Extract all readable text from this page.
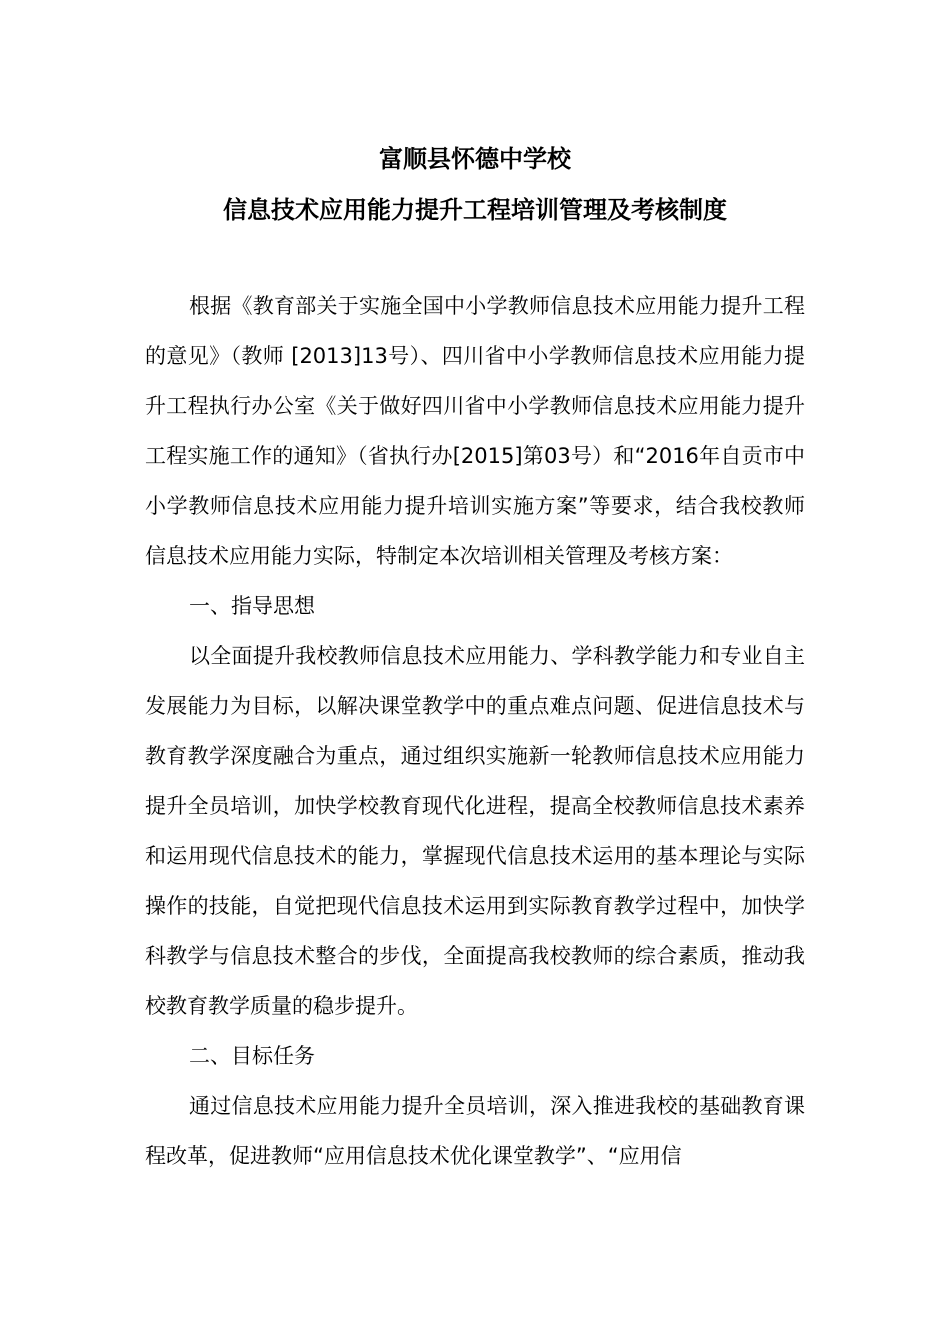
富顺县怀德中学校
信息技术应用能力提升工程培训管理及考核制度

根据《教育部关于实施全国中小学教师信息技术应用能力提升工程的意见》（教师 [2013]13号）、四川省中小学教师信息技术应用能力提升工程执行办公室《关于做好四川省中小学教师信息技术应用能力提升工程实施工作的通知》（省执行办[2015]第03号）和“2016年自贡市中小学教师信息技术应用能力提升培训实施方案”等要求，结合我校教师信息技术应用能力实际，特制定本次培训相关管理及考核方案：

一、指导思想

以全面提升我校教师信息技术应用能力、学科教学能力和专业自主发展能力为目标，以解决课堂教学中的重点难点问题、促进信息技术与教育教学深度融合为重点，通过组织实施新一轮教师信息技术应用能力提升全员培训，加快学校教育现代化进程，提高全校教师信息技术素养和运用现代信息技术的能力，掌握现代信息技术运用的基本理论与实际操作的技能，自觉把现代信息技术运用到实际教育教学过程中，加快学科教学与信息技术整合的步伐，全面提高我校教师的综合素质，推动我校教育教学质量的稳步提升。

二、目标任务

通过信息技术应用能力提升全员培训，深入推进我校的基础教育课程改革，促进教师“应用信息技术优化课堂教学”、“应用信
